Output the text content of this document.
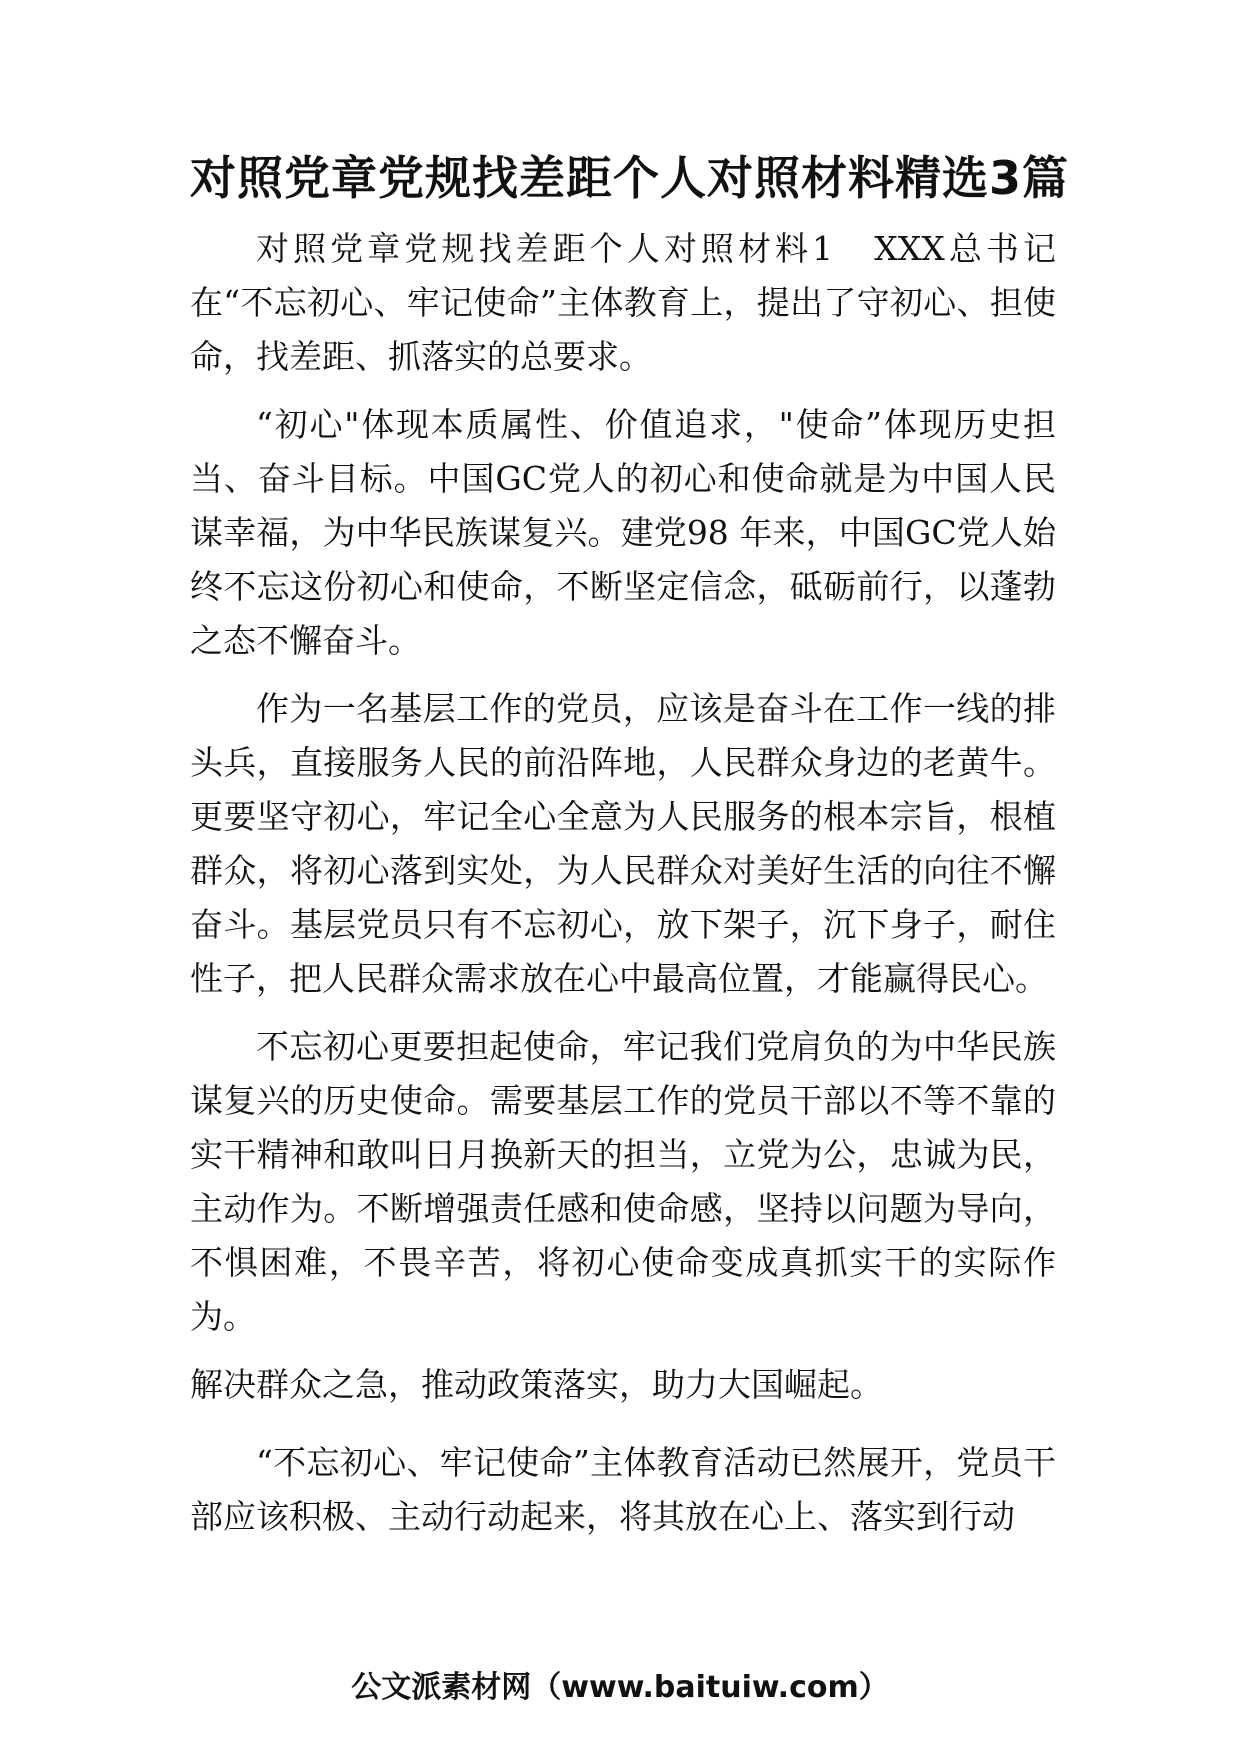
对照党章党规找差距个人对照材料精选3篇

对照党章党规找差距个人对照材料1　XXX总书记在“不忘初心、牢记使命”主体教育上，提出了守初心、担使命，找差距、抓落实的总要求。

“初心"体现本质属性、价值追求，"使命”体现历史担当、奋斗目标。中国GC党人的初心和使命就是为中国人民谋幸福，为中华民族谋复兴。建党98 年来，中国GC党人始终不忘这份初心和使命，不断坚定信念，砥砺前行，以蓬勃之态不懈奋斗。

作为一名基层工作的党员，应该是奋斗在工作一线的排头兵，直接服务人民的前沿阵地，人民群众身边的老黄牛。更要坚守初心，牢记全心全意为人民服务的根本宗旨，根植群众，将初心落到实处，为人民群众对美好生活的向往不懈奋斗。基层党员只有不忘初心，放下架子，沉下身子，耐住性子，把人民群众需求放在心中最高位置，才能赢得民心。

不忘初心更要担起使命，牢记我们党肩负的为中华民族谋复兴的历史使命。需要基层工作的党员干部以不等不靠的实干精神和敢叫日月换新天的担当，立党为公，忠诚为民，主动作为。不断增强责任感和使命感，坚持以问题为导向，不惧困难，不畏辛苦，将初心使命变成真抓实干的实际作为。

解决群众之急，推动政策落实，助力大国崛起。

“不忘初心、牢记使命”主体教育活动已然展开，党员干部应该积极、主动行动起来，将其放在心上、落实到行动

公文派素材网（www.baituiw.com）
